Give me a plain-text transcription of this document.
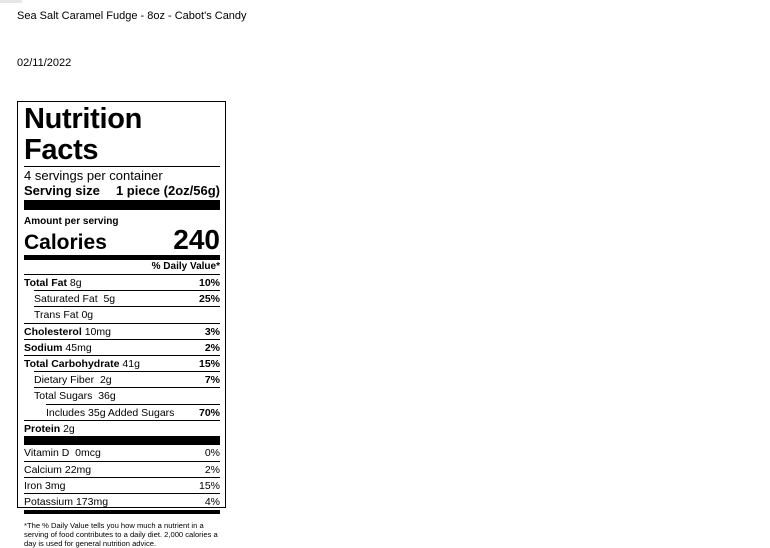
Sea Salt Caramel Fudge - 8oz - Cabot's Candy
02/11/2022
Nutrition Facts
4 servings per container
Serving size 1 piece (2oz/56g)
Amount per serving
Calories 240
% Daily Value*
Total Fat 8g	10%
Saturated Fat 5g	25%
Trans Fat 0g
Cholesterol 10mg	3%
Sodium 45mg	2%
Total Carbohydrate 41g	15%
Dietary Fiber 2g	7%
Total Sugars 36g
Includes 35g Added Sugars 70%
Protein 2g
Vitamin D 0mcg	0%
Calcium 22mg	2%
Iron 3mg	15%
Potassium 173mg	4%
*The % Daily Value tells you how much a nutrient in a serving of food contributes to a daily diet. 2,000 calories a day is used for general nutrition advice.
